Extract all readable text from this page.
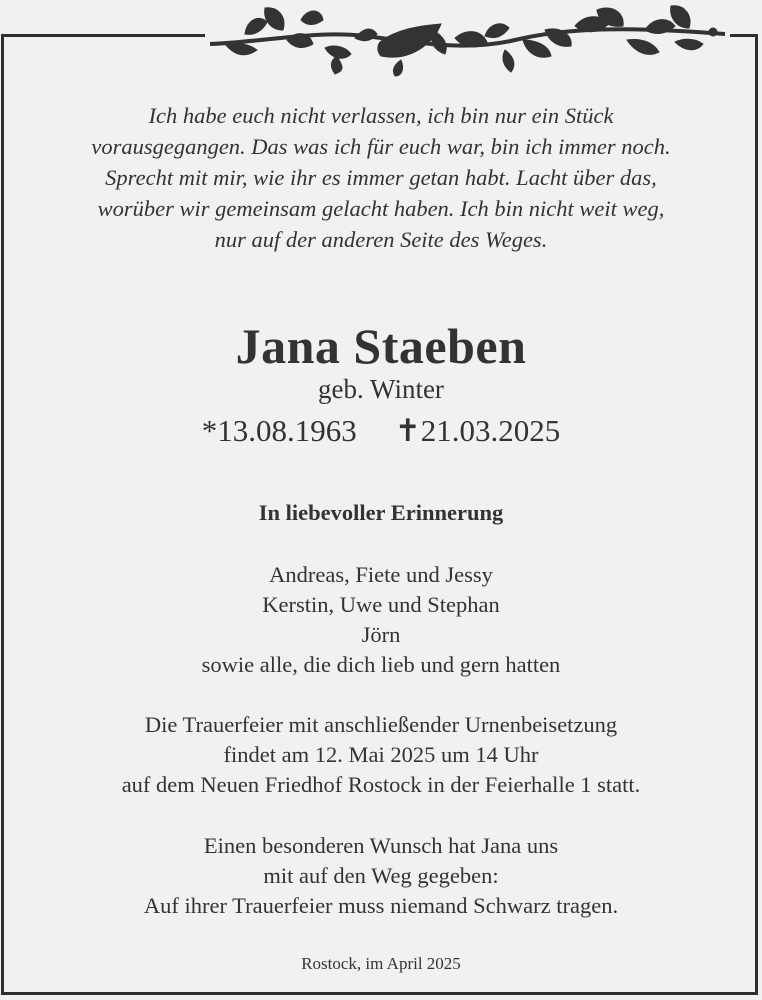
Ich habe euch nicht verlassen, ich bin nur ein Stück
vorausgegangen. Das was ich für euch war, bin ich immer noch.
Sprecht mit mir, wie ihr es immer getan habt. Lacht über das,
worüber wir gemeinsam gelacht haben. Ich bin nicht weit weg,
nur auf der anderen Seite des Weges.
Jana Staeben
geb. Winter
*13.08.1963 ✝21.03.2025
In liebevoller Erinnerung
Andreas, Fiete und Jessy
Kerstin, Uwe und Stephan
Jörn
sowie alle, die dich lieb und gern hatten
Die Trauerfeier mit anschließender Urnenbeisetzung
findet am 12. Mai 2025 um 14 Uhr
auf dem Neuen Friedhof Rostock in der Feierhalle 1 statt.
Einen besonderen Wunsch hat Jana uns
mit auf den Weg gegeben:
Auf ihrer Trauerfeier muss niemand Schwarz tragen.
Rostock, im April 2025
